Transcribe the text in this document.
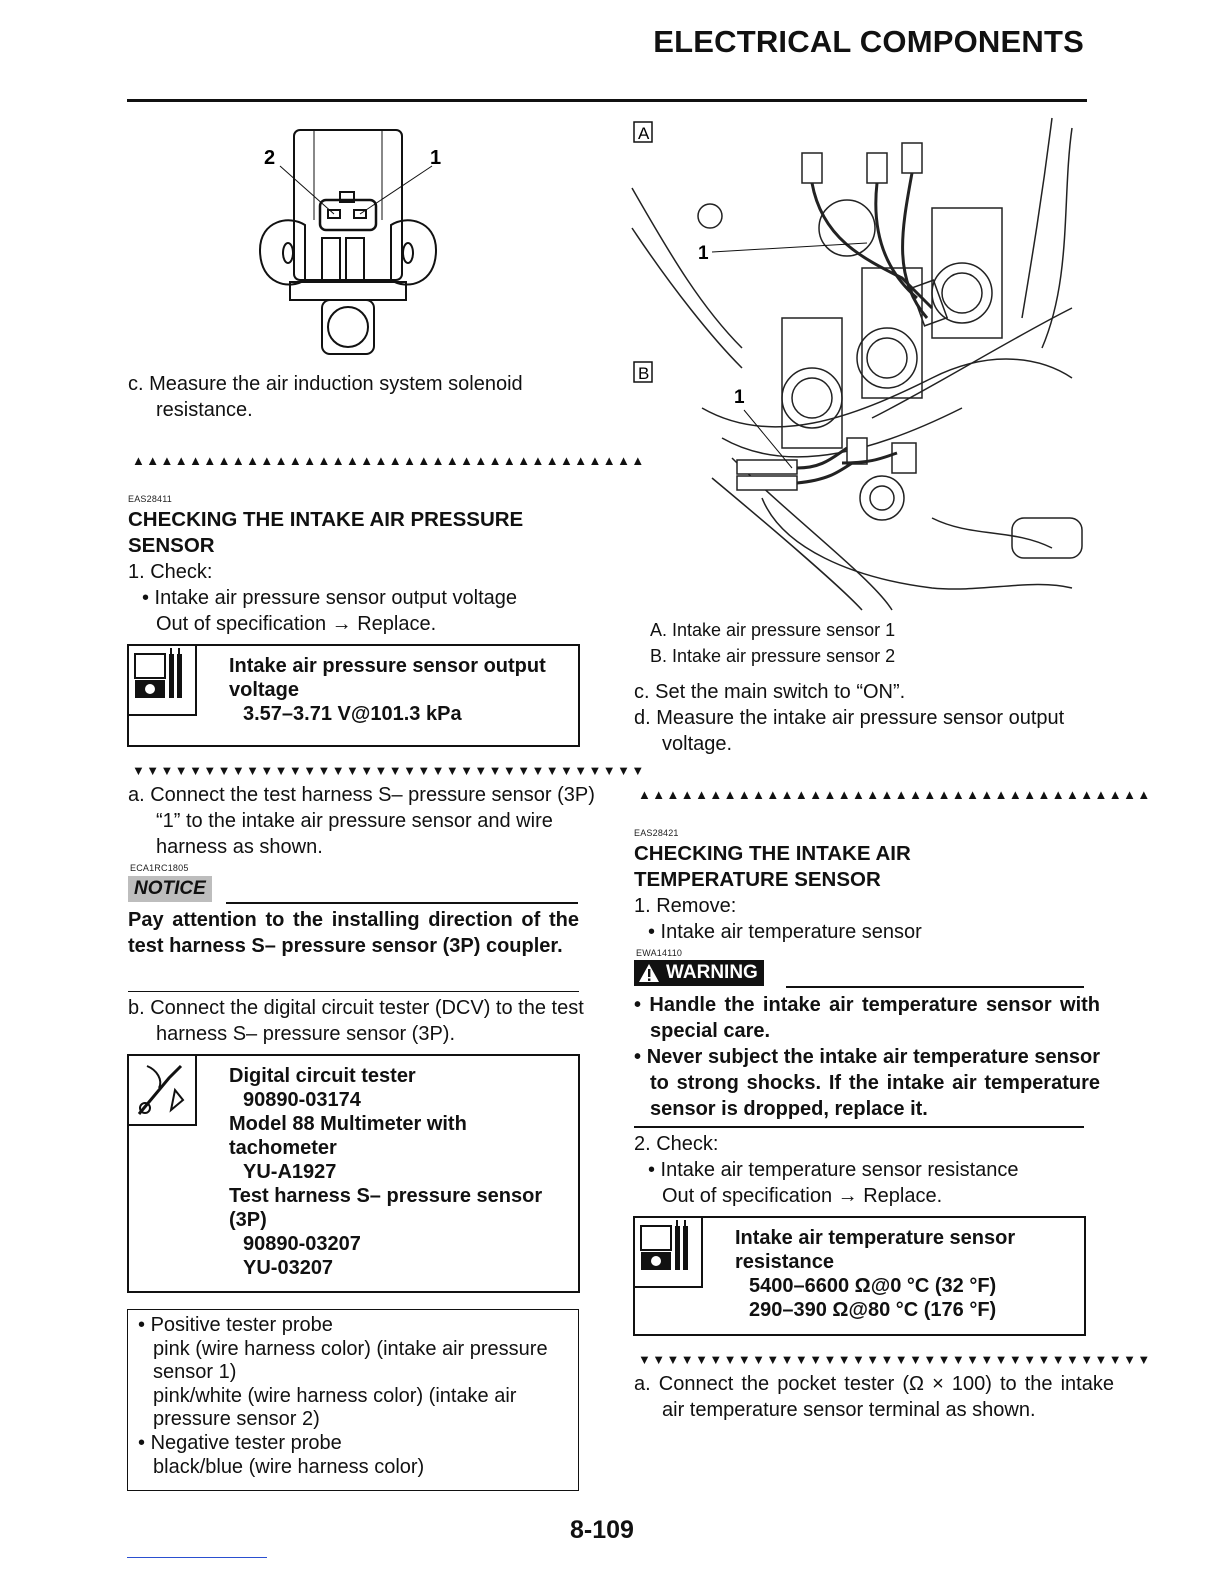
ELECTRICAL COMPONENTS
2	1
c. Measure the air induction system solenoid resistance.
▲▲▲▲▲▲▲▲▲▲▲▲▲▲▲▲▲▲▲▲▲▲▲▲▲▲▲▲▲▲▲▲▲▲▲▲
EAS28411
CHECKING THE INTAKE AIR PRESSURE SENSOR
1. Check:
• Intake air pressure sensor output voltage
Out of specification → Replace.
Intake air pressure sensor output voltage
3.57–3.71 V@101.3 kPa
▼▼▼▼▼▼▼▼▼▼▼▼▼▼▼▼▼▼▼▼▼▼▼▼▼▼▼▼▼▼▼▼▼▼▼▼
a. Connect the test harness S– pressure sensor (3P) “1” to the intake air pressure sensor and wire harness as shown.
ECA1RC1805
NOTICE
Pay attention to the installing direction of the test harness S– pressure sensor (3P) coupler.
b. Connect the digital circuit tester (DCV) to the test harness S– pressure sensor (3P).
Digital circuit tester
90890-03174
Model 88 Multimeter with tachometer
YU-A1927
Test harness S– pressure sensor (3P)
90890-03207
YU-03207
• Positive tester probe
pink (wire harness color) (intake air pressure sensor 1)
pink/white (wire harness color) (intake air pressure sensor 2)
• Negative tester probe
black/blue (wire harness color)
A
B
1
1
A. Intake air pressure sensor 1
B. Intake air pressure sensor 2
c. Set the main switch to “ON”.
d. Measure the intake air pressure sensor output voltage.
▲▲▲▲▲▲▲▲▲▲▲▲▲▲▲▲▲▲▲▲▲▲▲▲▲▲▲▲▲▲▲▲▲▲▲▲
EAS28421
CHECKING THE INTAKE AIR TEMPERATURE SENSOR
1. Remove:
• Intake air temperature sensor
EWA14110
WARNING
• Handle the intake air temperature sensor with special care.
• Never subject the intake air temperature sensor to strong shocks. If the intake air temperature sensor is dropped, replace it.
2. Check:
• Intake air temperature sensor resistance
Out of specification → Replace.
Intake air temperature sensor resistance
5400–6600 Ω@0 °C (32 °F)
290–390 Ω@80 °C (176 °F)
▼▼▼▼▼▼▼▼▼▼▼▼▼▼▼▼▼▼▼▼▼▼▼▼▼▼▼▼▼▼▼▼▼▼▼▼
a. Connect the pocket tester (Ω × 100) to the intake air temperature sensor terminal as shown.
8-109
